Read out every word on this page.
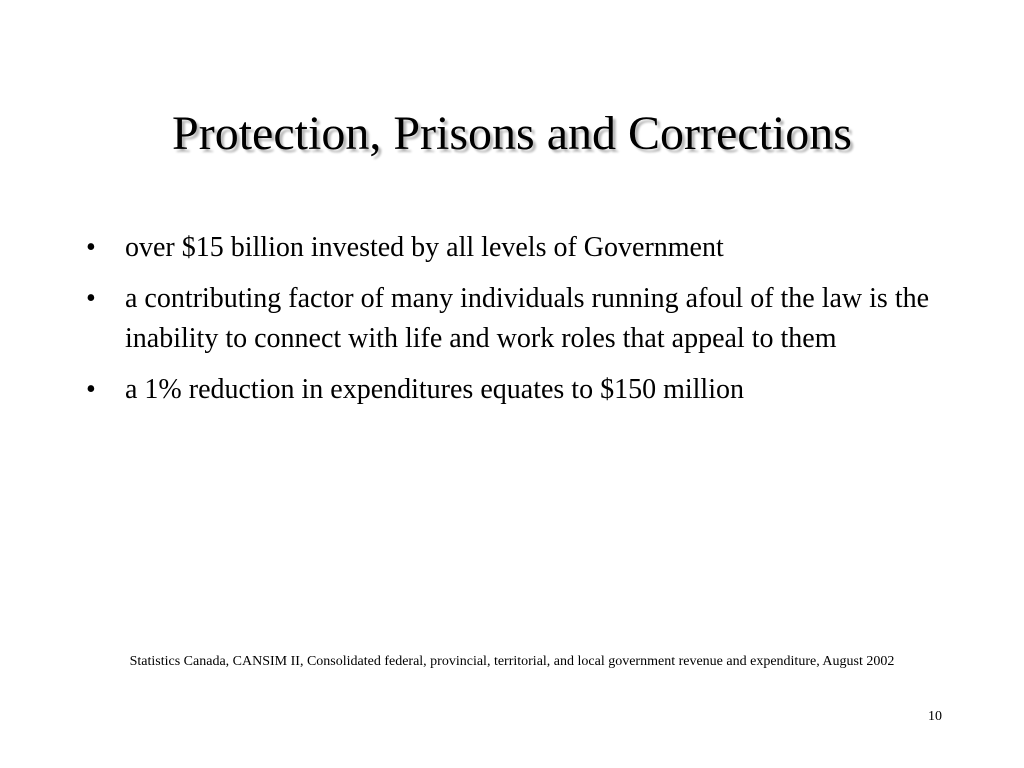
Protection, Prisons and Corrections
•	over $15 billion invested by all levels of Government
•	a contributing factor of many individuals running afoul of the law is the inability to connect with life and work roles that appeal to them
•	a 1% reduction in expenditures equates to $150 million
Statistics Canada, CANSIM II, Consolidated federal, provincial, territorial, and local government revenue and expenditure, August 2002
10
